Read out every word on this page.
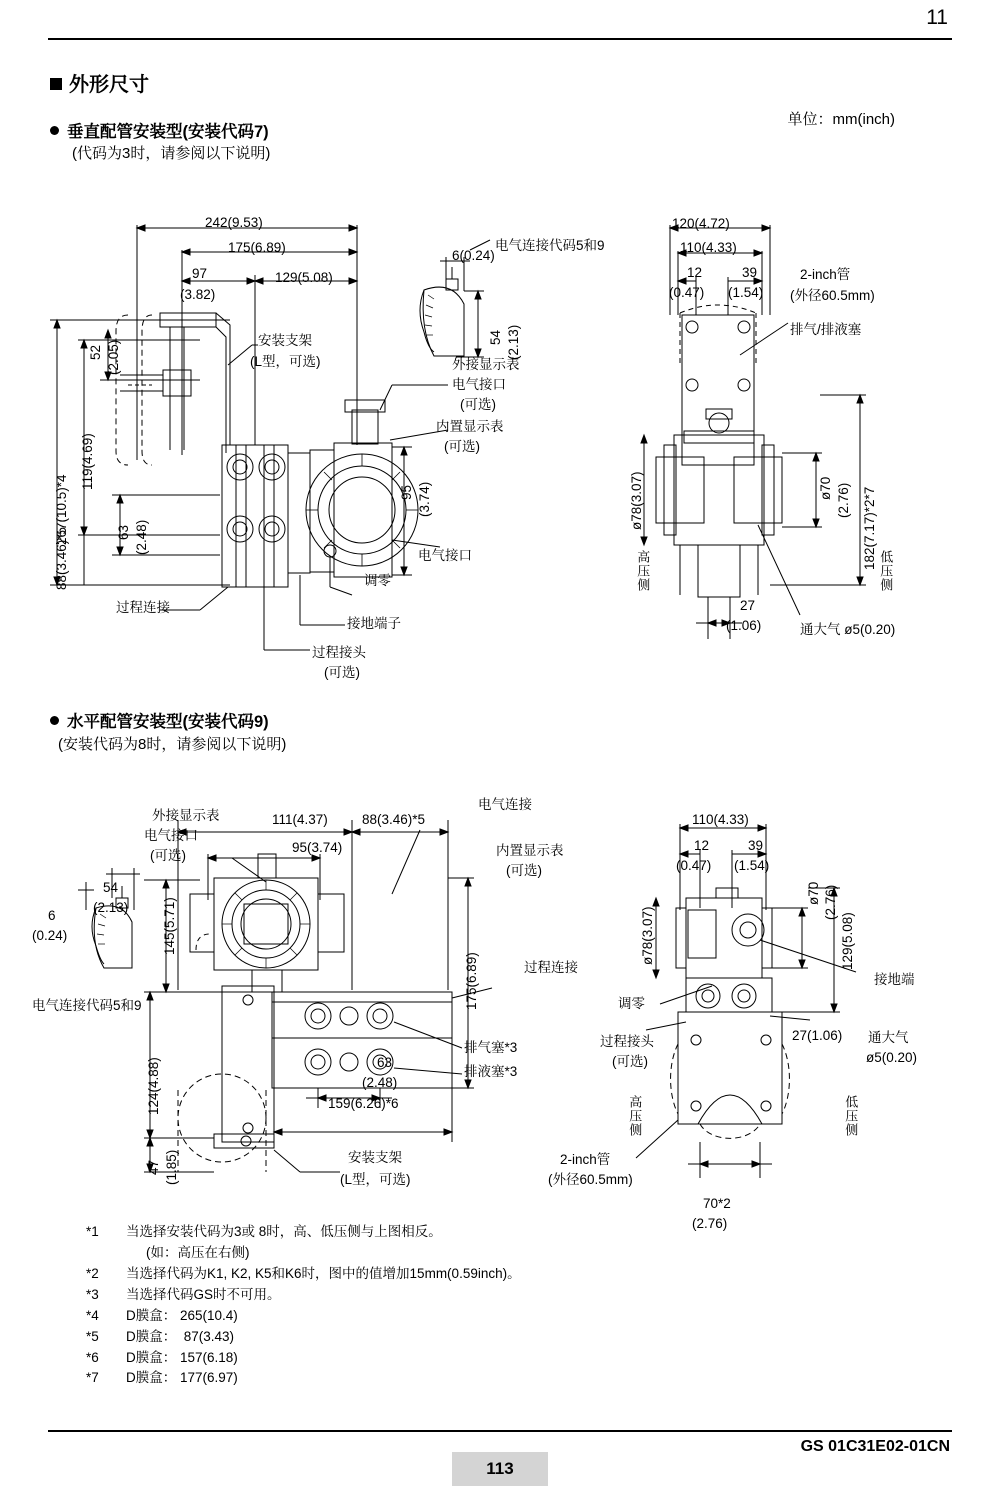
11
外形尺寸
单位：mm(inch)
垂直配管安装型(安装代码7)
(代码为3时，请参阅以下说明)
242(9.53)
175(6.89)
129(5.08)
97
(3.82)
6(0.24)
54 (2.13)
52 (2.05)
119(4.69)
267(10.5)*4
88(3.46)*5	63 (2.48)
95 (3.74)
电气连接代码5和9
安装支架
(L型，可选)	外接显示表
电气接口
(可选)
内置显示表
(可选)
电气接口
调零
接地端子
过程连接
过程接头
(可选)
120(4.72)
110(4.33)
12
(0.47)
39
(1.54)
2-inch管
(外径60.5mm)
排气/排液塞
ø78(3.07)	ø70 (2.76) 182(7.17)*2*7
高压侧	低压侧
27
(1.06)	通大气 ø5(0.20)
水平配管安装型(安装代码9)
(安装代码为8时，请参阅以下说明)
外接显示表
电气接口
(可选)
111(4.37)	88(3.46)*5
电气连接
95(3.74)	内置显示表
(可选)
145(5.71)
175(6.89)
54
(2.13)
6
(0.24)
电气连接代码5和9
124(4.88)
47 (1.85)
63
(2.48)
159(6.26)*6
过程连接
排气塞*3
排液塞*3
安装支架
(L型，可选)
110(4.33)
12
(0.47)
39
(1.54)
ø78(3.07)
ø70 (2.76)
129(5.08)
接地端
调零
过程接头
(可选)
通大气
ø5(0.20)
27(1.06)
高压侧	低压侧
2-inch管
(外径60.5mm)
70*2
(2.76)
*1	当选择安装代码为3或 8时，高、低压侧与上图相反。
(如：高压在右侧)
*2	当选择代码为K1, K2, K5和K6时，图中的值增加15mm(0.59inch)。
*3	当选择代码GS时不可用。
*4	D膜盒： 265(10.4)
*5	D膜盒：  87(3.43)
*6	D膜盒： 157(6.18)
*7	D膜盒： 177(6.97)
GS 01C31E02-01CN
113
